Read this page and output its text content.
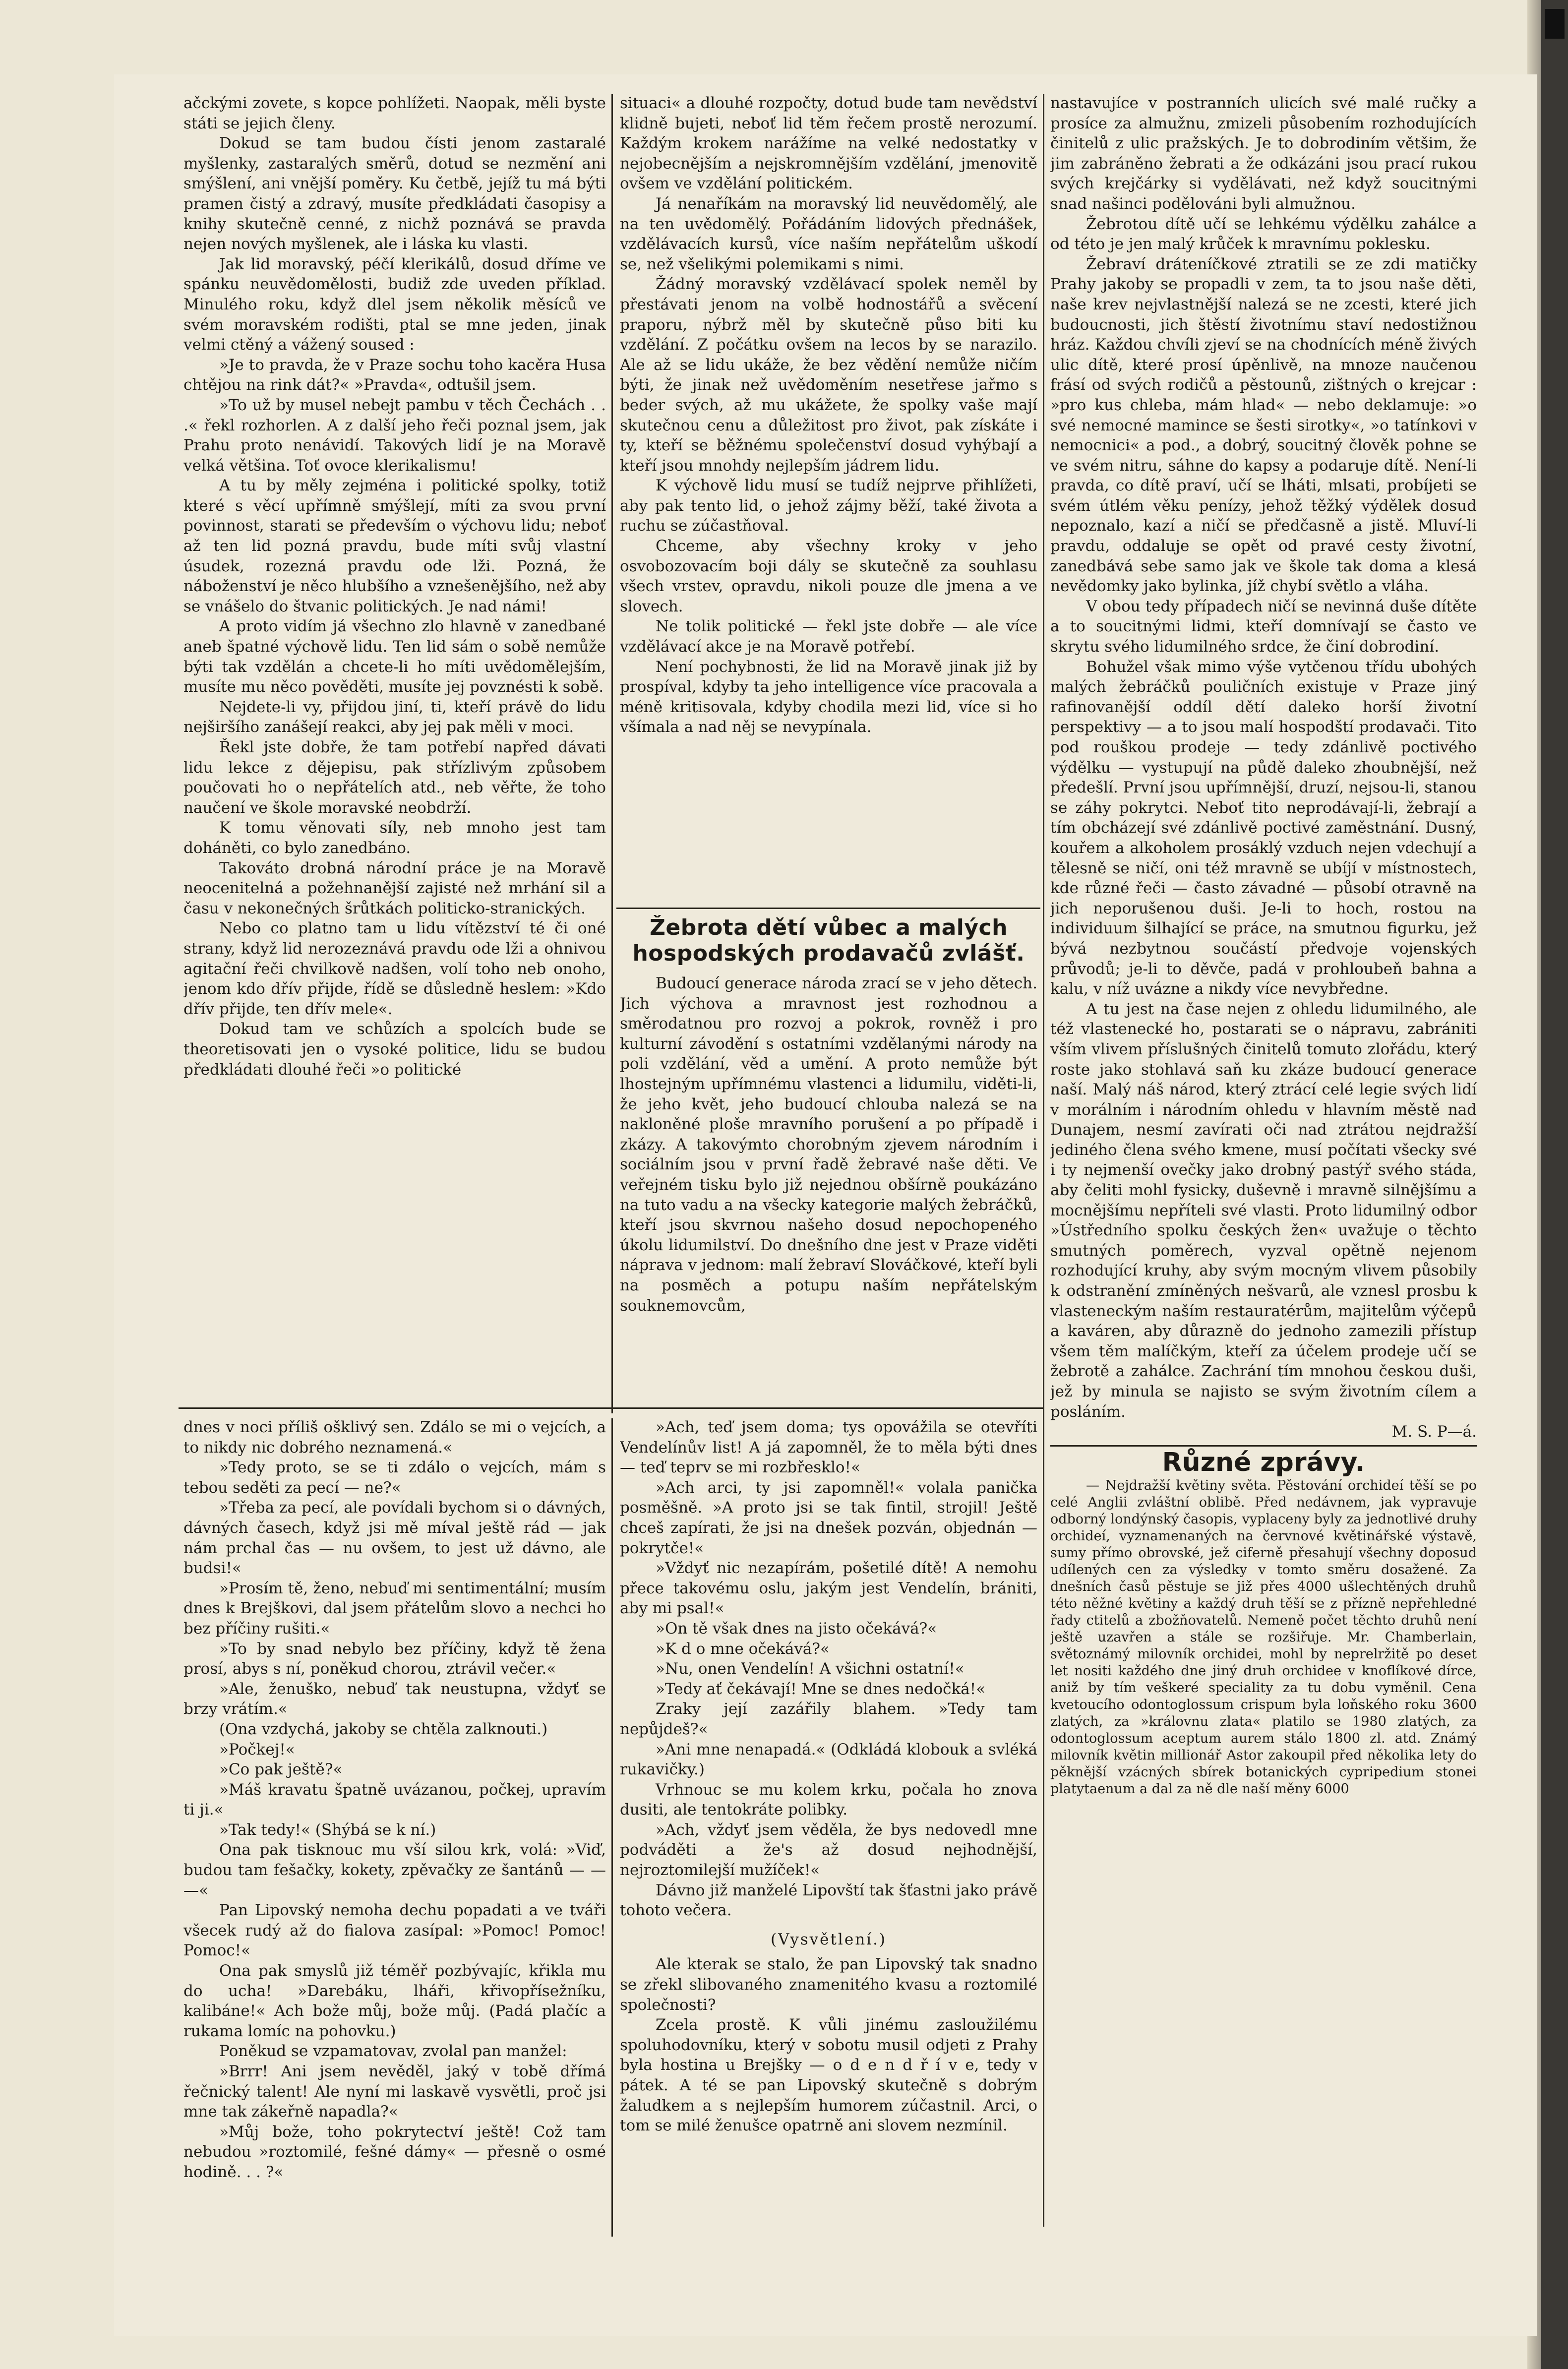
ačckými zovete, s kopce pohlížeti. Naopak, měli byste státi se jejich členy.

Dokud se tam budou čísti jenom zastaralé myšlenky, zastaralých směrů, dotud se nezmění ani smýšlení, ani vnější poměry. Ku četbě, jejíž tu má býti pramen čistý a zdravý, musíte předkládati časopisy a knihy skutečně cenné, z nichž poznává se pravda nejen nových myšlenek, ale i láska ku vlasti.

Jak lid moravský, péčí klerikálů, dosud dříme ve spánku neuvědomělosti, budiž zde uveden příklad. Minulého roku, když dlel jsem několik měsíců ve svém moravském rodišti, ptal se mne jeden, jinak velmi ctěný a vážený soused :

»Je to pravda, že v Praze sochu toho kacěra Husa chtějou na rink dát?« »Pravda«, odtušil jsem.

»To už by musel nebejt pambu v těch Čechách . . .« řekl rozhorlen. A z další jeho řeči poznal jsem, jak Prahu proto nenávidí. Takových lidí je na Moravě velká většina. Toť ovoce klerikalismu!

A tu by měly zejména i politické spolky, totiž které s věcí upřímně smýšlejí, míti za svou první povinnost, starati se především o výchovu lidu; neboť až ten lid pozná pravdu, bude míti svůj vlastní úsudek, rozezná pravdu ode lži. Pozná, že náboženství je něco hlubšího a vznešenějšího, než aby se vnášelo do štvanic politických. Je nad námi!

A proto vidím já všechno zlo hlavně v zanedbané aneb špatné výchově lidu. Ten lid sám o sobě nemůže býti tak vzdělán a chcete-li ho míti uvědomělejším, musíte mu něco pověděti, musíte jej povznésti k sobě.

Nejdete-li vy, přijdou jiní, ti, kteří právě do lidu nejširšího zanášejí reakci, aby jej pak měli v moci.

Řekl jste dobře, že tam potřebí napřed dávati lidu lekce z dějepisu, pak střízlivým způsobem poučovati ho o nepřátelích atd., neb věřte, že toho naučení ve škole moravské neobdrží.

K tomu věnovati síly, neb mnoho jest tam doháněti, co bylo zanedbáno.

Takováto drobná národní práce je na Moravě neocenitelná a požehnanější zajisté než mrhání sil a času v nekonečných šrůtkách politicko-stranických.

Nebo co platno tam u lidu vítězství té či oné strany, když lid nerozeznává pravdu ode lži a ohnivou agitační řeči chvilkově nadšen, volí toho neb onoho, jenom kdo dřív přijde, řídě se důsledně heslem: »Kdo dřív přijde, ten dřív mele«.

Dokud tam ve schůzích a spolcích bude se theoretisovati jen o vysoké politice, lidu se budou předkládati dlouhé řeči »o politické

situaci« a dlouhé rozpočty, dotud bude tam nevědství klidně bujeti, neboť lid těm řečem prostě nerozumí. Každým krokem narážíme na velké nedostatky v nejobecnějším a nejskromnějším vzdělání, jmenovitě ovšem ve vzdělání politickém.

Já nenaříkám na moravský lid neuvědomělý, ale na ten uvědomělý. Pořádáním lidových přednášek, vzdělávacích kursů, více naším nepřátelům uškodí se, než všelikými polemikami s nimi.

Žádný moravský vzdělávací spolek neměl by přestávati jenom na volbě hodnostářů a svěcení praporu, nýbrž měl by skutečně půso biti ku vzdělání. Z počátku ovšem na lecos by se narazilo. Ale až se lidu ukáže, že bez vědění nemůže ničím býti, že jinak než uvědoměním nesetřese jařmo s beder svých, až mu ukážete, že spolky vaše mají skutečnou cenu a důležitost pro život, pak získáte i ty, kteří se běžnému společenství dosud vyhýbají a kteří jsou mnohdy nejlepším jádrem lidu.

K výchově lidu musí se tudíž nejprve přihlížeti, aby pak tento lid, o jehož zájmy běží, také života a ruchu se zúčastňoval.

Chceme, aby všechny kroky v jeho osvobozovacím boji dály se skutečně za souhlasu všech vrstev, opravdu, nikoli pouze dle jmena a ve slovech.

Ne tolik politické — řekl jste dobře — ale více vzdělávací akce je na Moravě potřebí.

Není pochybnosti, že lid na Moravě jinak již by prospíval, kdyby ta jeho intelligence více pracovala a méně kritisovala, kdyby chodila mezi lid, více si ho všímala a nad něj se nevypínala.

Žebrota dětí vůbec a malých hospodských prodavačů zvlášť.

Budoucí generace národa zrací se v jeho dětech. Jich výchova a mravnost jest rozhodnou a směrodatnou pro rozvoj a pokrok, rovněž i pro kulturní závodění s ostatními vzdělanými národy na poli vzdělání, věd a umění. A proto nemůže být lhostejným upřímnému vlastenci a lidumilu, viděti-li, že jeho květ, jeho budoucí chlouba nalezá se na nakloněné ploše mravního porušení a po případě i zkázy. A takovýmto chorobným zjevem národním i sociálním jsou v první řadě žebravé naše děti. Ve veřejném tisku bylo již nejednou obšírně poukázáno na tuto vadu a na všecky kategorie malých žebráčků, kteří jsou skvrnou našeho dosud nepochopeného úkolu lidumilství. Do dnešního dne jest v Praze viděti náprava v jednom: malí žebraví Slováčkové, kteří byli na posměch a potupu naším nepřátelským souknemovcům,

nastavujíce v postranních ulicích své malé ručky a prosíce za almužnu, zmizeli působením rozhodujících činitelů z ulic pražských. Je to dobrodiním většim, že jim zabráněno žebrati a že odkázáni jsou prací rukou svých krejčárky si vydělávati, než když soucitnými snad našinci podělováni byli almužnou.

Žebrotou dítě učí se lehkému výdělku zahálce a od této je jen malý krůček k mravnímu poklesku.

Žebraví dráteníčkové ztratili se ze zdi matičky Prahy jakoby se propadli v zem, ta to jsou naše děti, naše krev nejvlastnější nalezá se ne zcesti, které jich budoucnosti, jich štěstí životnímu staví nedostižnou hráz. Každou chvíli zjeví se na chodnících méně živých ulic dítě, které prosí úpěnlivě, na mnoze naučenou frásí od svých rodičů a pěstounů, zištných o krejcar : »pro kus chleba, mám hlad« — nebo deklamuje: »o své nemocné mamince se šesti sirotky«, »o tatínkovi v nemocnici« a pod., a dobrý, soucitný člověk pohne se ve svém nitru, sáhne do kapsy a podaruje dítě. Není-li pravda, co dítě praví, učí se lháti, mlsati, probíjeti se svém útlém věku penízy, jehož těžký výdělek dosud nepoznalo, kazí a ničí se předčasně a jistě. Mluví-li pravdu, oddaluje se opět od pravé cesty životní, zanedbává sebe samo jak ve škole tak doma a klesá nevědomky jako bylinka, jíž chybí světlo a vláha.

V obou tedy případech ničí se nevinná duše dítěte a to soucitnými lidmi, kteří domnívají se často ve skrytu svého lidumilného srdce, že činí dobrodiní.

Bohužel však mimo výše vytčenou třídu ubohých malých žebráčků pouličních existuje v Praze jiný rafinovanější oddíl dětí daleko horší životní perspektivy — a to jsou malí hospodští prodavači. Tito pod rouškou prodeje — tedy zdánlivě poctivého výdělku — vystupují na půdě daleko zhoubnější, než předešlí. První jsou upřímnější, druzí, nejsou-li, stanou se záhy pokrytci. Neboť tito neprodávají-li, žebrají a tím obcházejí své zdánlivě poctivé zaměstnání. Dusný, kouřem a alkoholem prosáklý vzduch nejen vdechují a tělesně se ničí, oni též mravně se ubíjí v místnostech, kde různé řeči — často závadné — působí otravně na jich neporušenou duši. Je-li to hoch, rostou na individuum šilhající se práce, na smutnou figurku, jež bývá nezbytnou součástí předvoje vojenských průvodů; je-li to děvče, padá v prohloubeň bahna a kalu, v níž uvázne a nikdy více nevybředne.

A tu jest na čase nejen z ohledu lidumilného, ale též vlastenecké ho, postarati se o nápravu, zabrániti vším vlivem příslušných činitelů tomuto zlořádu, který roste jako stohlavá saň ku zkáze budoucí generace naší. Malý náš národ, který ztrácí celé legie svých lidí v morálním i národním ohledu v hlavním městě nad Dunajem, nesmí zavírati oči nad ztrátou nejdražší jediného člena svého kmene, musí počítati všecky své i ty nejmenší ovečky jako drobný pastýř svého stáda, aby čeliti mohl fysicky, duševně i mravně silnějšímu a mocnějšímu nepříteli své vlasti. Proto lidumilný odbor »Ústředního spolku českých žen« uvažuje o těchto smutných poměrech, vyzval opětně nejenom rozhodující kruhy, aby svým mocným vlivem působily k odstranění zmíněných nešvarů, ale vznesl prosbu k vlasteneckým naším restauratérům, majitelům výčepů a kaváren, aby důrazně do jednoho zamezili přístup všem těm malíčkým, kteří za účelem prodeje učí se žebrotě a zahálce. Zachrání tím mnohou českou duši, jež by minula se najisto se svým životním cílem a posláním.

M. S. P—á.

Různé zprávy.

— Nejdražší květiny světa. Pěstování orchideí těší se po celé Anglii zvláštní oblibě. Před nedávnem, jak vypravuje odborný londýnský časopis, vyplaceny byly za jednotlivé druhy orchideí, vyznamenaných na červnové květinářské výstavě, sumy přímo obrovské, jež ciferně přesahují všechny doposud udílených cen za výsledky v tomto směru dosažené. Za dnešních časů pěstuje se již přes 4000 ušlechtěných druhů této něžné květiny a každý druh těší se z přízně nepřehledné řady ctitelů a zbožňovatelů. Nemeně počet těchto druhů není ještě uzavřen a stále se rozšiřuje. Mr. Chamberlain, světoznámý milovník orchidei, mohl by neprelržitě po deset let nositi každého dne jiný druh orchidee v knoflíkové dírce, aniž by tím veškeré speciality za tu dobu vyměnil. Cena kvetoucího odontoglossum crispum byla loňského roku 3600 zlatých, za »královnu zlata« platilo se 1980 zlatých, za odontoglossum aceptum aurem stálo 1800 zl. atd. Známý milovník květin millionář Astor zakoupil před několika lety do pěknější vzácných sbírek botanických cypripedium stonei platytaenum a dal za ně dle naší měny 6000

dnes v noci příliš ošklivý sen. Zdálo se mi o vejcích, a to nikdy nic dobrého neznamená.«

»Tedy proto, se se ti zdálo o vejcích, mám s tebou seděti za pecí — ne?«

»Třeba za pecí, ale povídali bychom si o dávných, dávných časech, když jsi mě míval ještě rád — jak nám prchal čas — nu ovšem, to jest už dávno, ale budsi!«

»Prosím tě, ženo, nebuď mi sentimentální; musím dnes k Brejškovi, dal jsem přátelům slovo a nechci ho bez příčiny rušiti.«

»To by snad nebylo bez příčiny, když tě žena prosí, abys s ní, poněkud chorou, ztrávil večer.«

»Ale, ženuško, nebuď tak neustupna, vždyť se brzy vrátím.«

(Ona vzdychá, jakoby se chtěla zalknouti.)

»Počkej!«

»Co pak ještě?«

»Máš kravatu špatně uvázanou, počkej, upravím ti ji.«

»Tak tedy!« (Shýbá se k ní.)

Ona pak tisknouc mu vší silou krk, volá: »Viď, budou tam fešačky, kokety, zpěvačky ze šantánů — — —«

Pan Lipovský nemoha dechu popadati a ve tváři všecek rudý až do fialova zasípal: »Pomoc! Pomoc! Pomoc!«

Ona pak smyslů již téměř pozbývajíc, křikla mu do ucha! »Darebáku, lháři, křivopřísežníku, kalibáne!« Ach bože můj, bože můj. (Padá plačíc a rukama lomíc na pohovku.)

Poněkud se vzpamatovav, zvolal pan manžel:

»Brrr! Ani jsem nevěděl, jaký v tobě dřímá řečnický talent! Ale nyní mi laskavě vysvětli, proč jsi mne tak zákeřně napadla?«

»Můj bože, toho pokrytectví ještě! Což tam nebudou »roztomilé, fešné dámy« — přesně o osmé hodině. . . ?«

»Ach, teď jsem doma; tys opovážila se otevříti Vendelínův list! A já zapomněl, že to měla býti dnes — teď teprv se mi rozbřesklo!«

»Ach arci, ty jsi zapomněl!« volala panička posměšně. »A proto jsi se tak fintil, strojil! Ještě chceš zapírati, že jsi na dnešek pozván, objednán — pokrytče!«

»Vždyť nic nezapírám, pošetilé dítě! A nemohu přece takovému oslu, jakým jest Vendelín, brániti, aby mi psal!«

»On tě však dnes na jisto očekává?«

»K d o mne očekává?«

»Nu, onen Vendelín! A všichni ostatní!«

»Tedy ať čekávají! Mne se dnes nedočká!«

Zraky její zazářily blahem. »Tedy tam nepůjdeš?«

»Ani mne nenapadá.« (Odkládá klobouk a svléká rukavičky.)

Vrhnouc se mu kolem krku, počala ho znova dusiti, ale tentokráte polibky.

»Ach, vždyť jsem věděla, že bys nedovedl mne podváděti a že's až dosud nejhodnější, nejroztomilejší mužíček!«

Dávno již manželé Lipovští tak šťastni jako právě tohoto večera.

(Vysvětlení.)

Ale kterak se stalo, že pan Lipovský tak snadno se zřekl slibovaného znamenitého kvasu a roztomilé společnosti?

Zcela prostě. K vůli jinému zasloužilému spoluhodovníku, který v sobotu musil odjeti z Prahy byla hostina u Brejšky — o d e n d ř í v e, tedy v pátek. A té se pan Lipovský skutečně s dobrým žaludkem a s nejlepším humorem zúčastnil. Arci, o tom se milé ženušce opatrně ani slovem nezmínil.
